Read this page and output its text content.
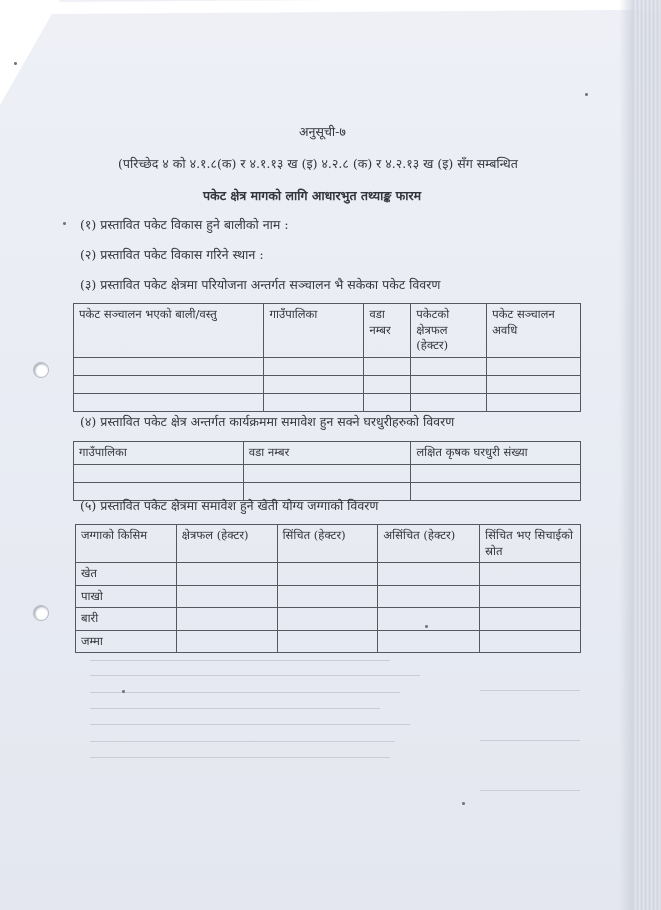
अनुसूची-७
(परिच्छेद ४ को ४.१.८(क) र ४.१.१३ ख (इ) ४.२.८ (क) र ४.२.१३ ख (इ) सँग सम्बन्धित
पकेट क्षेत्र मागको लागि आधारभुत तथ्याङ्क फारम
(१) प्रस्तावित पकेट विकास हुने बालीको नाम :
(२) प्रस्तावित पकेट विकास गरिने स्थान :
(३) प्रस्तावित पकेट क्षेत्रमा परियोजना अन्तर्गत सञ्चालन भै सकेका पकेट विवरण
पकेट सञ्चालन भएको बाली/वस्तु	गाउँपालिका	वडा नम्बर	पकेटको क्षेत्रफल (हेक्टर)	पकेट सञ्चालन अवधि

(४) प्रस्तावित पकेट क्षेत्र अन्तर्गत कार्यक्रममा समावेश हुन सक्ने घरधुरीहरुको विवरण
गाउँपालिका	वडा नम्बर	लक्षित कृषक घरधुरी संख्या

(५) प्रस्तावित पकेट क्षेत्रमा समावेश हुने खेती योग्य जग्गाको विवरण
जग्गाको किसिम	क्षेत्रफल (हेक्टर)	सिंचित (हेक्टर)	असिंचित (हेक्टर)	सिंचित भए सिचाईको स्रोत
खेत				
पाखो				
बारी				
जम्मा				
